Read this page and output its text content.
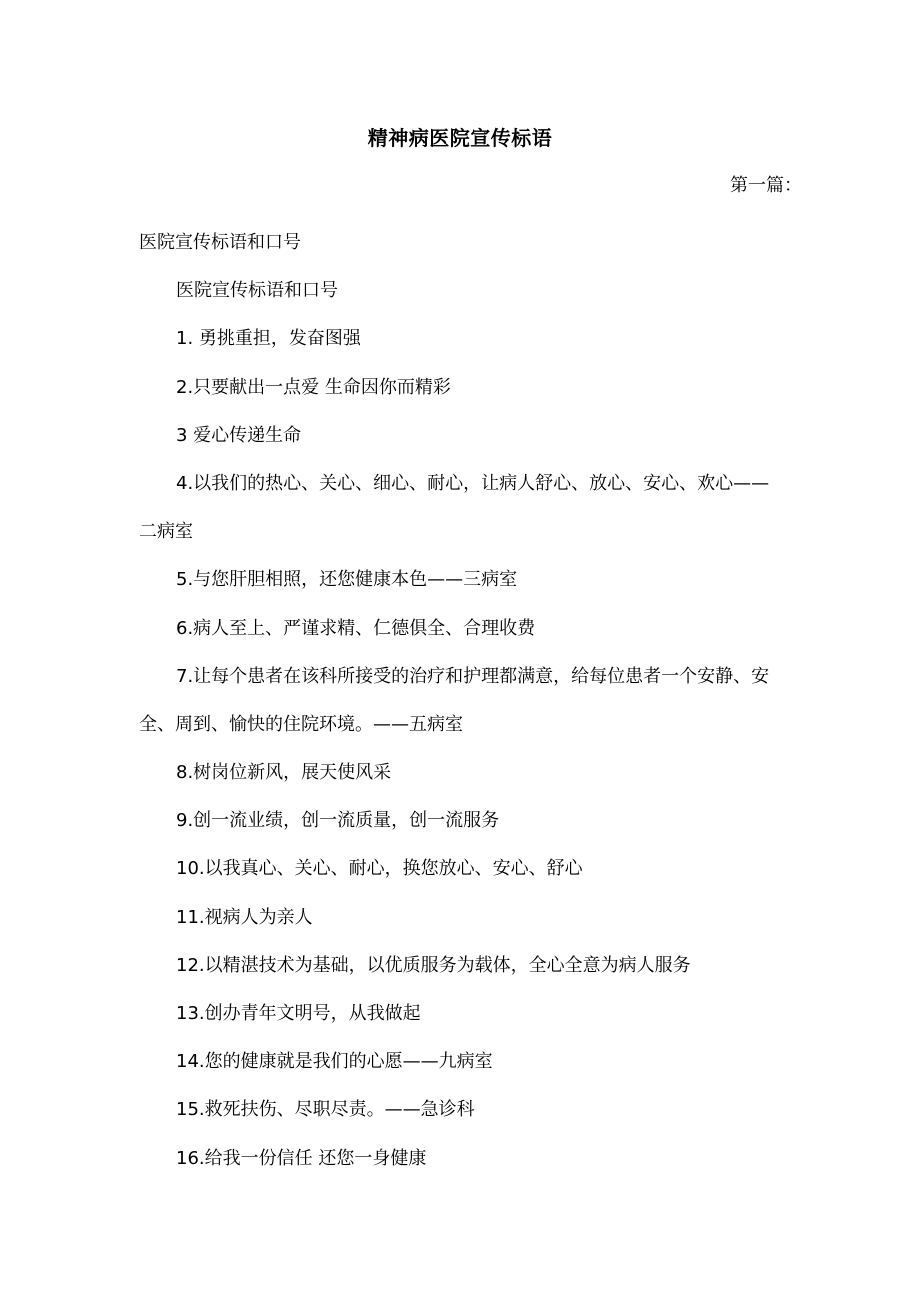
精神病医院宣传标语
第一篇：
医院宣传标语和口号
医院宣传标语和口号
1. 勇挑重担，发奋图强
2.只要献出一点爱 生命因你而精彩
3 爱心传递生命
4.以我们的热心、关心、细心、耐心，让病人舒心、放心、安心、欢心——
二病室
5.与您肝胆相照，还您健康本色——三病室
6.病人至上、严谨求精、仁德俱全、合理收费
7.让每个患者在该科所接受的治疗和护理都满意，给每位患者一个安静、安
全、周到、愉快的住院环境。——五病室
8.树岗位新风，展天使风采
9.创一流业绩，创一流质量，创一流服务
10.以我真心、关心、耐心，换您放心、安心、舒心
11.视病人为亲人
12.以精湛技术为基础，以优质服务为载体，全心全意为病人服务
13.创办青年文明号，从我做起
14.您的健康就是我们的心愿——九病室
15.救死扶伤、尽职尽责。——急诊科
16.给我一份信任 还您一身健康
